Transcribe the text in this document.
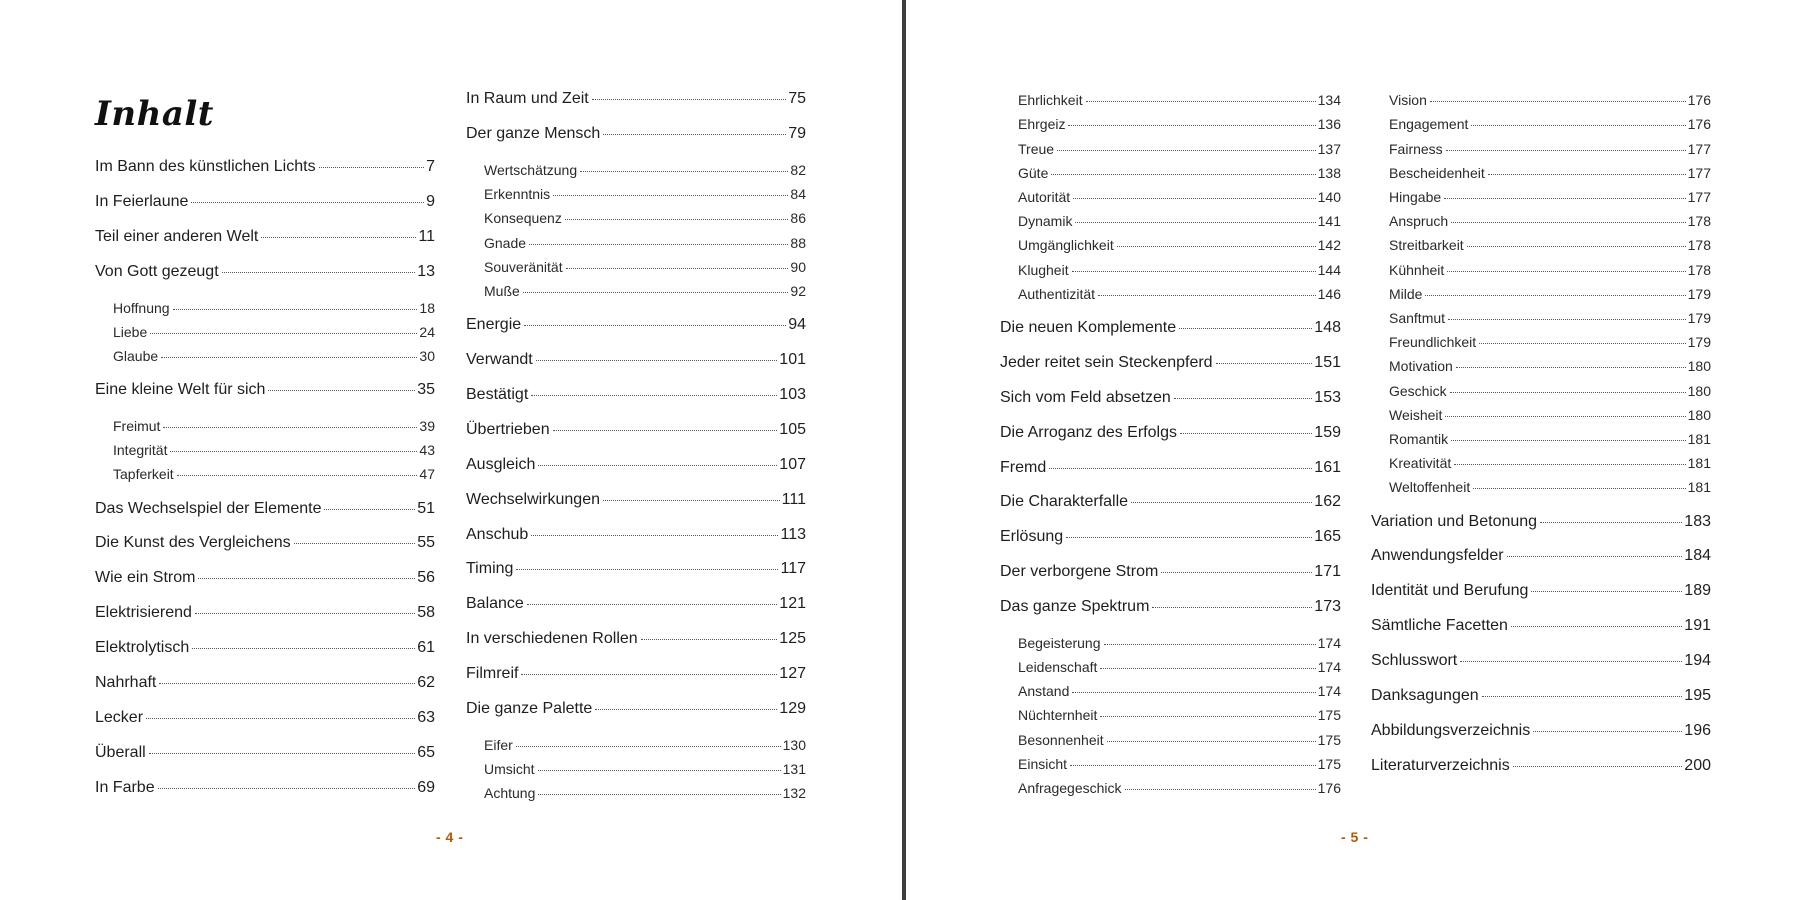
Inhalt
Im Bann des künstlichen Lichts	7
In Feierlaune	9
Teil einer anderen Welt	11
Von Gott gezeugt	13
Hoffnung	18
Liebe	24
Glaube	30
Eine kleine Welt für sich	35
Freimut	39
Integrität	43
Tapferkeit	47
Das Wechselspiel der Elemente	51
Die Kunst des Vergleichens	55
Wie ein Strom	56
Elektrisierend	58
Elektrolytisch	61
Nahrhaft	62
Lecker	63
Überall	65
In Farbe	69
In Raum und Zeit	75
Der ganze Mensch	79
Wertschätzung	82
Erkenntnis	84
Konsequenz	86
Gnade	88
Souveränität	90
Muße	92
Energie	94
Verwandt	101
Bestätigt	103
Übertrieben	105
Ausgleich	107
Wechselwirkungen	111
Anschub	113
Timing	117
Balance	121
In verschiedenen Rollen	125
Filmreif	127
Die ganze Palette	129
Eifer	130
Umsicht	131
Achtung	132
- 4 -
Ehrlichkeit	134
Ehrgeiz	136
Treue	137
Güte	138
Autorität	140
Dynamik	141
Umgänglichkeit	142
Klugheit	144
Authentizität	146
Die neuen Komplemente	148
Jeder reitet sein Steckenpferd	151
Sich vom Feld absetzen	153
Die Arroganz des Erfolgs	159
Fremd	161
Die Charakterfalle	162
Erlösung	165
Der verborgene Strom	171
Das ganze Spektrum	173
Begeisterung	174
Leidenschaft	174
Anstand	174
Nüchternheit	175
Besonnenheit	175
Einsicht	175
Anfragegeschick	176
Vision	176
Engagement	176
Fairness	177
Bescheidenheit	177
Hingabe	177
Anspruch	178
Streitbarkeit	178
Kühnheit	178
Milde	179
Sanftmut	179
Freundlichkeit	179
Motivation	180
Geschick	180
Weisheit	180
Romantik	181
Kreativität	181
Weltoffenheit	181
Variation und Betonung	183
Anwendungsfelder	184
Identität und Berufung	189
Sämtliche Facetten	191
Schlusswort	194
Danksagungen	195
Abbildungsverzeichnis	196
Literaturverzeichnis	200
- 5 -
